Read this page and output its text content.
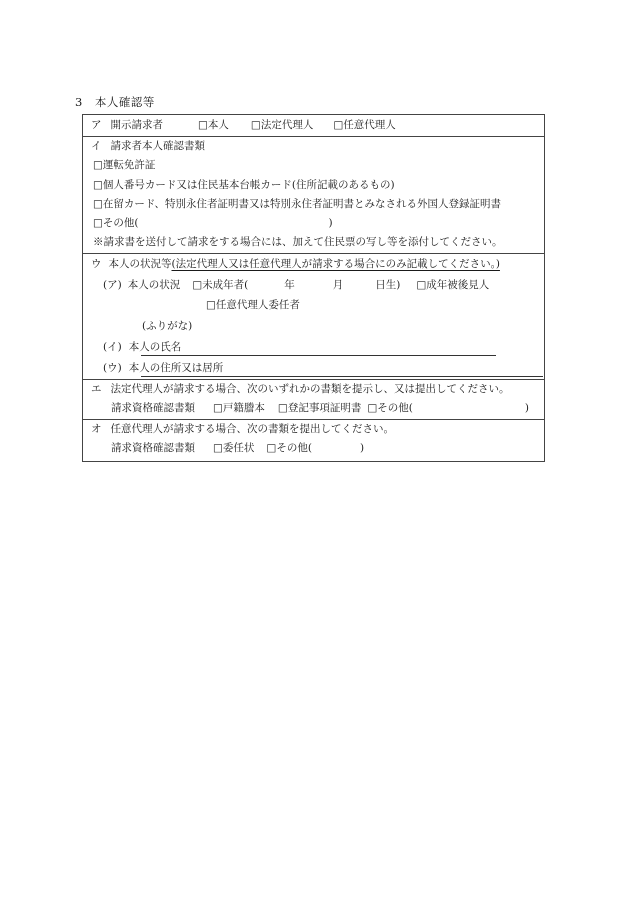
3 本人確認等
ア 開示請求者	□本人 □法定代理人 □任意代理人
イ 請求者本人確認書類
□運転免許証
□個人番号カード又は住民基本台帳カード(住所記載のあるもの)
□在留カード、特別永住者証明書又は特別永住者証明書とみなされる外国人登録証明書
□その他(	)
※請求書を送付して請求をする場合には、加えて住民票の写し等を添付してください。
ウ 本人の状況等(法定代理人又は任意代理人が請求する場合にのみ記載してください。)
(ア) 本人の状況 □未成年者(	年	月	日生) □成年被後見人
□任意代理人委任者
(ふりがな)
(イ) 本人の氏名
(ウ) 本人の住所又は居所
エ 法定代理人が請求する場合、次のいずれかの書類を提示し、又は提出してください。
請求資格確認書類 □戸籍謄本 □登記事項証明書 □その他(	)
オ 任意代理人が請求する場合、次の書類を提出してください。
請求資格確認書類 □委任状 □その他(	)
